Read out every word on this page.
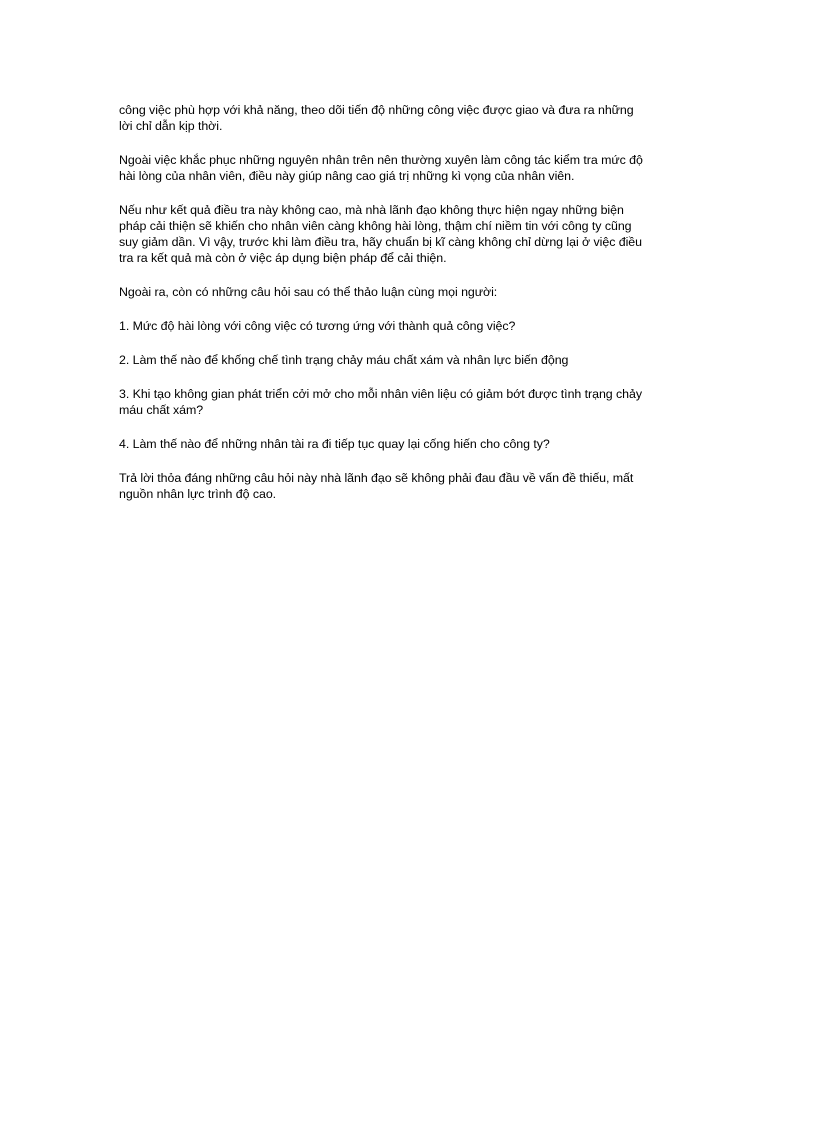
công việc phù hợp với khả năng, theo dõi tiến độ những công việc được giao và đưa ra những
lời chỉ dẫn kịp thời.

Ngoài việc khắc phục những nguyên nhân trên nên thường xuyên làm công tác kiểm tra mức độ
hài lòng của nhân viên, điều này giúp nâng cao giá trị những kì vọng của nhân viên.

Nếu như kết quả điều tra này không cao, mà nhà lãnh đạo không thực hiện ngay những biện
pháp cải thiện sẽ khiến cho nhân viên càng không hài lòng, thậm chí niềm tin với công ty cũng
suy giảm dần. Vì vậy, trước khi làm điều tra, hãy chuẩn bị kĩ càng không chỉ dừng lại ở việc điều
tra ra kết quả mà còn ở việc áp dụng biện pháp để cải thiện.

Ngoài ra, còn có những câu hỏi sau có thể thảo luận cùng mọi người:

1. Mức độ hài lòng với công việc có tương ứng với thành quả công việc?

2. Làm thế nào để khống chế tình trạng chảy máu chất xám và nhân lực biến động

3. Khi tạo không gian phát triển cởi mở cho mỗi nhân viên liệu có giảm bớt được tình trạng chảy
máu chất xám?

4. Làm thế nào để những nhân tài ra đi tiếp tục quay lại cống hiến cho công ty?

Trả lời thỏa đáng những câu hỏi này nhà lãnh đạo sẽ không phải đau đầu về vấn đề thiếu, mất
nguồn nhân lực trình độ cao.
